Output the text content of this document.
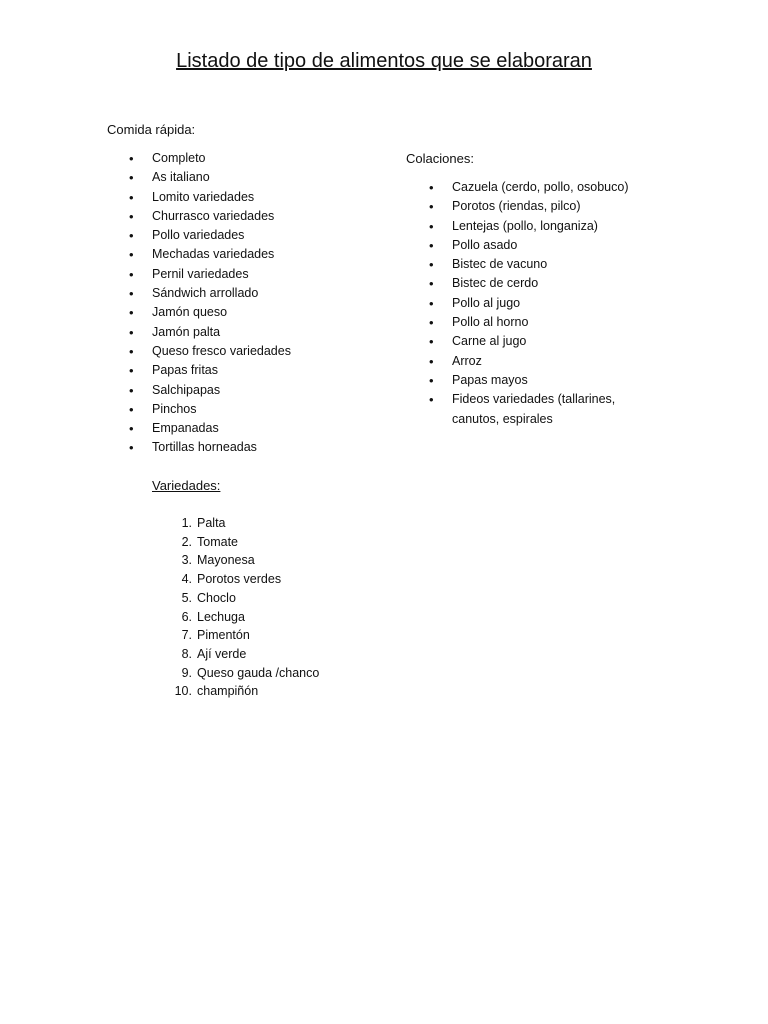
Listado de tipo de alimentos que se elaboraran

Comida rápida:

• Completo
• As italiano
• Lomito variedades
• Churrasco variedades
• Pollo variedades
• Mechadas variedades
• Pernil variedades
• Sándwich arrollado
• Jamón queso
• Jamón palta
• Queso fresco variedades
• Papas fritas
• Salchipapas
• Pinchos
• Empanadas
• Tortillas horneadas

Variedades:

1. Palta
2. Tomate
3. Mayonesa
4. Porotos verdes
5. Choclo
6. Lechuga
7. Pimentón
8. Ají verde
9. Queso gauda /chanco
10. champiñón

Colaciones:

• Cazuela (cerdo, pollo, osobuco)
• Porotos (riendas, pilco)
• Lentejas (pollo, longaniza)
• Pollo asado
• Bistec de vacuno
• Bistec de cerdo
• Pollo al jugo
• Pollo al horno
• Carne al jugo
• Arroz
• Papas mayos
• Fideos variedades (tallarines, canutos, espirales
